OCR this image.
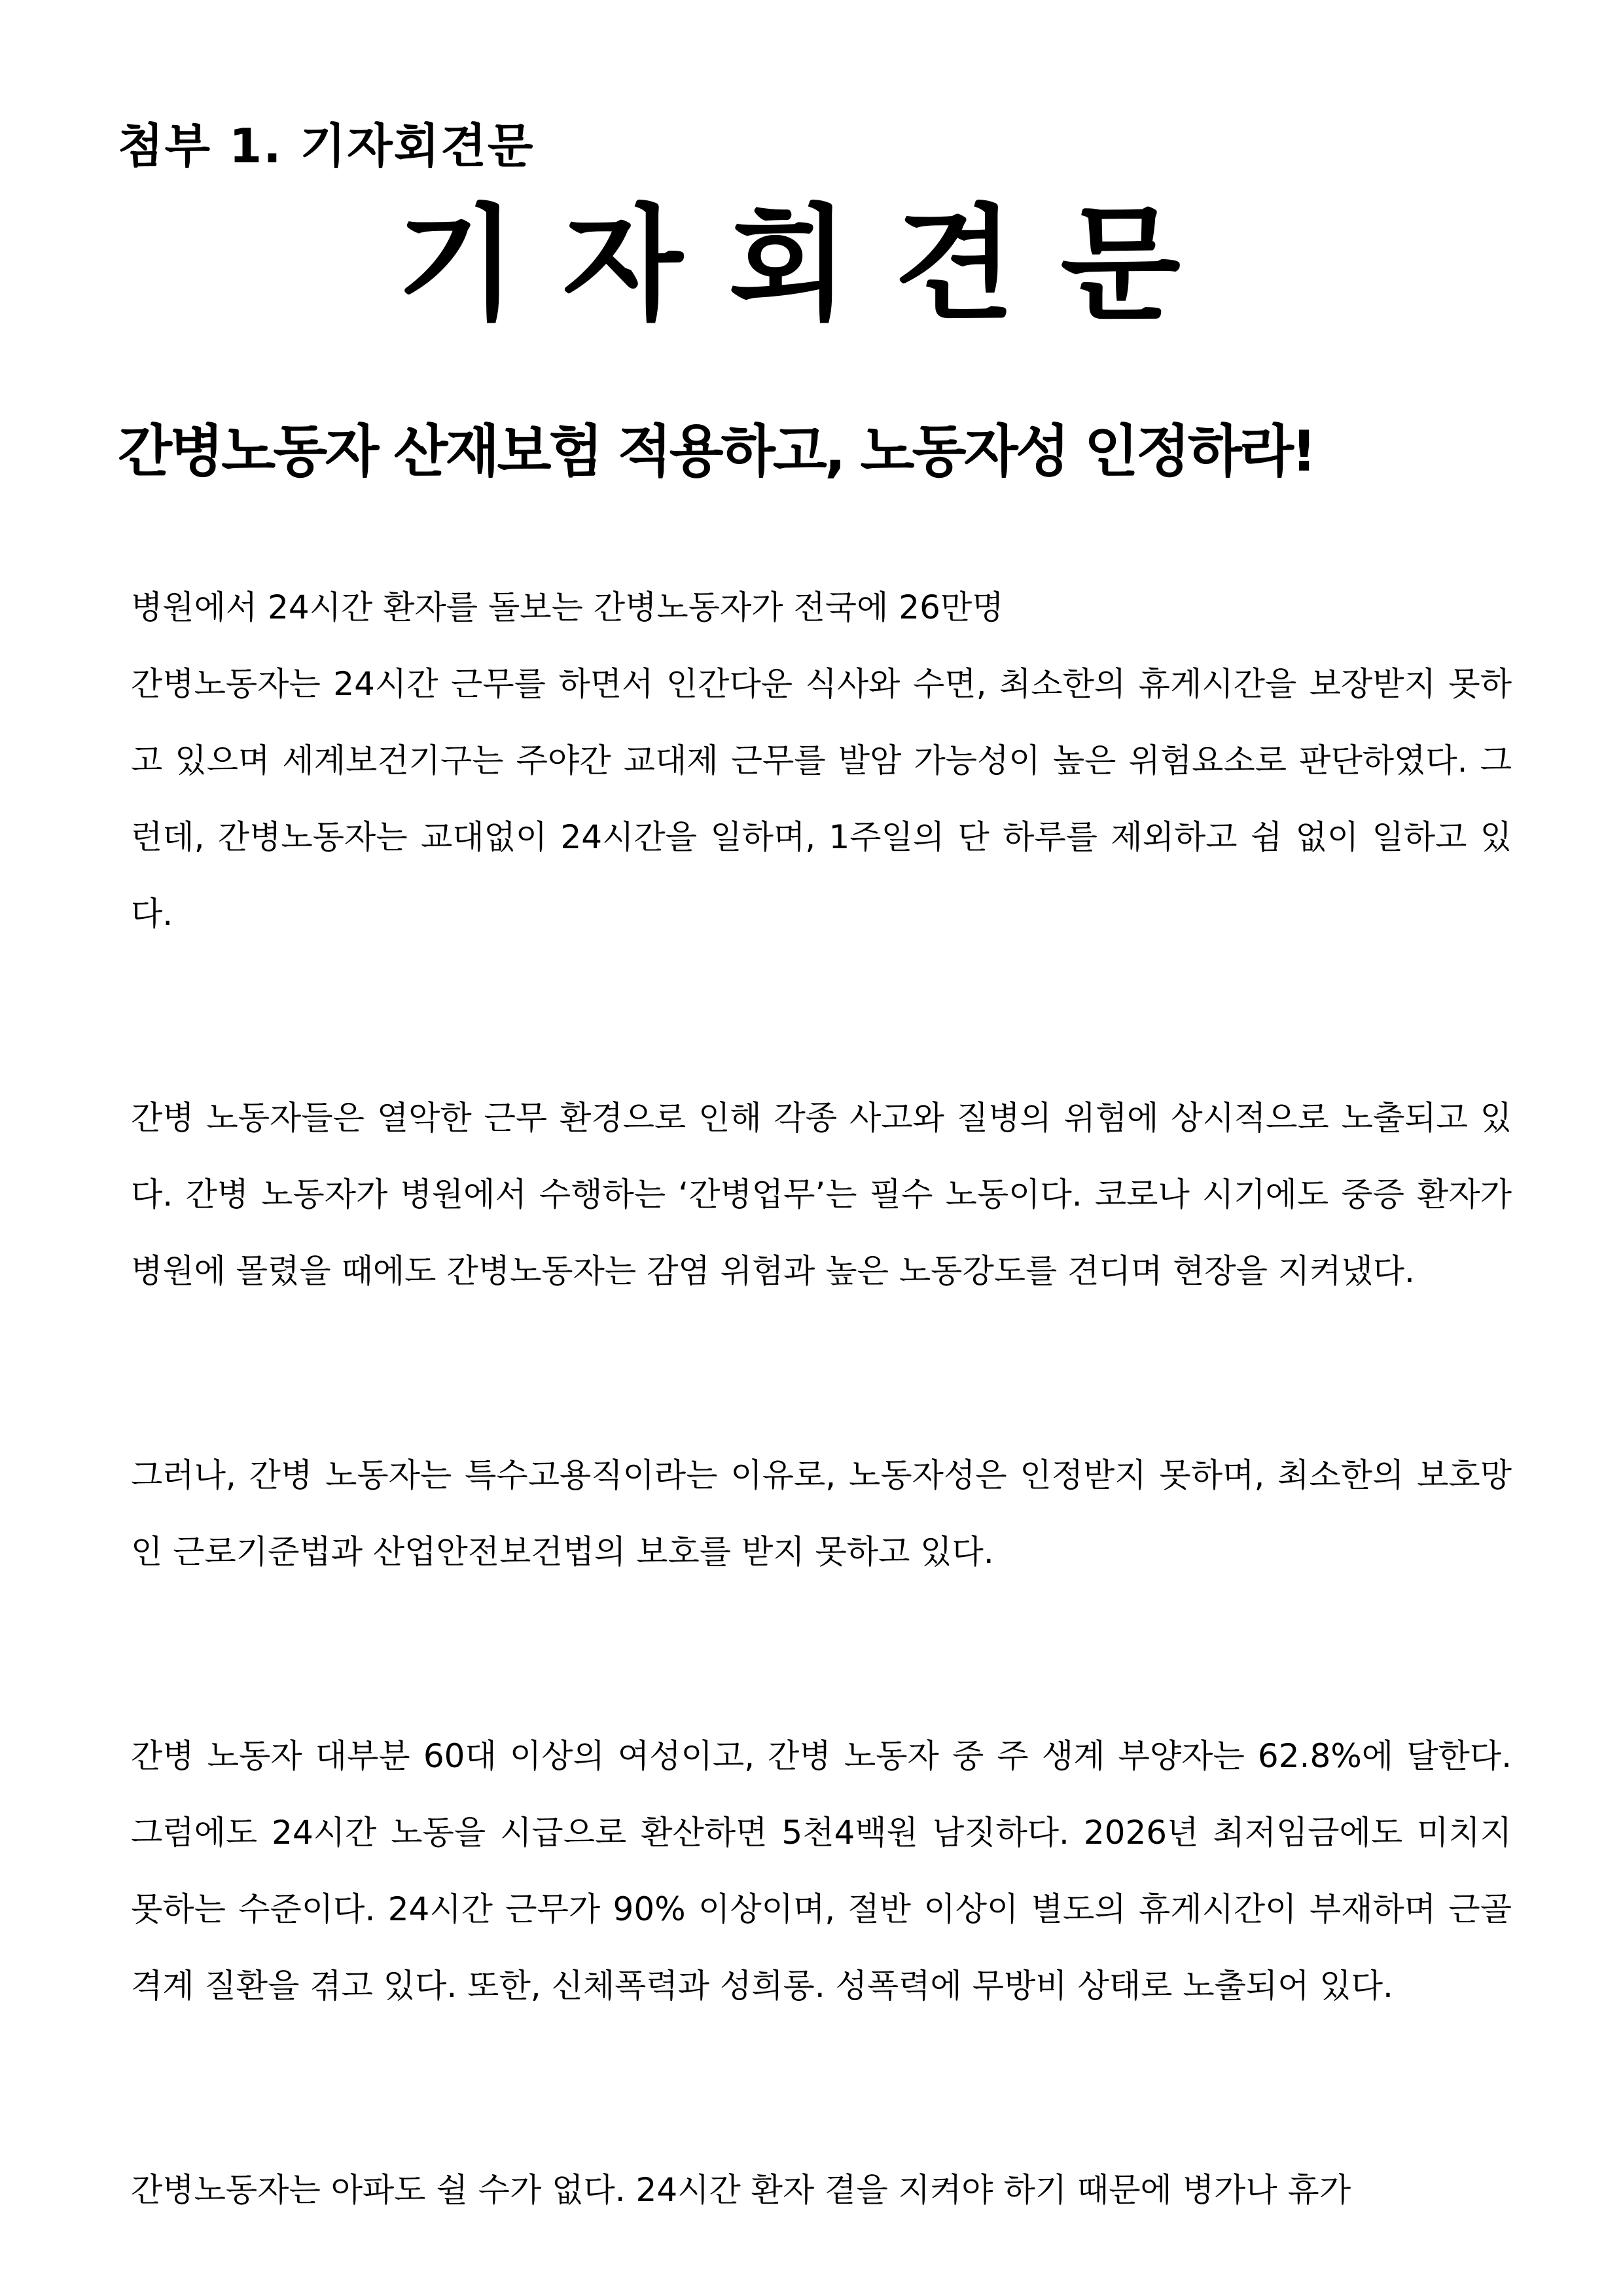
첨부 1. 기자회견문
기자회견문
간병노동자 산재보험 적용하고, 노동자성 인정하라!

병원에서 24시간 환자를 돌보는 간병노동자가 전국에 26만명

간병노동자는 24시간 근무를 하면서 인간다운 식사와 수면, 최소한의 휴게시간을 보장받지 못하고 있으며 세계보건기구는 주야간 교대제 근무를 발암 가능성이 높은 위험요소로 판단하였다. 그런데, 간병노동자는 교대없이 24시간을 일하며, 1주일의 단 하루를 제외하고 쉼 없이 일하고 있다.

간병 노동자들은 열악한 근무 환경으로 인해 각종 사고와 질병의 위험에 상시적으로 노출되고 있다. 간병 노동자가 병원에서 수행하는 ‘간병업무’는 필수 노동이다. 코로나 시기에도 중증 환자가 병원에 몰렸을 때에도 간병노동자는 감염 위험과 높은 노동강도를 견디며 현장을 지켜냈다.

그러나, 간병 노동자는 특수고용직이라는 이유로, 노동자성은 인정받지 못하며, 최소한의 보호망인 근로기준법과 산업안전보건법의 보호를 받지 못하고 있다.

간병 노동자 대부분 60대 이상의 여성이고, 간병 노동자 중 주 생계 부양자는 62.8%에 달한다. 그럼에도 24시간 노동을 시급으로 환산하면 5천4백원 남짓하다. 2026년 최저임금에도 미치지 못하는 수준이다. 24시간 근무가 90% 이상이며, 절반 이상이 별도의 휴게시간이 부재하며 근골격계 질환을 겪고 있다. 또한, 신체폭력과 성희롱. 성폭력에 무방비 상태로 노출되어 있다.

간병노동자는 아파도 쉴 수가 없다. 24시간 환자 곁을 지켜야 하기 때문에 병가나 휴가
